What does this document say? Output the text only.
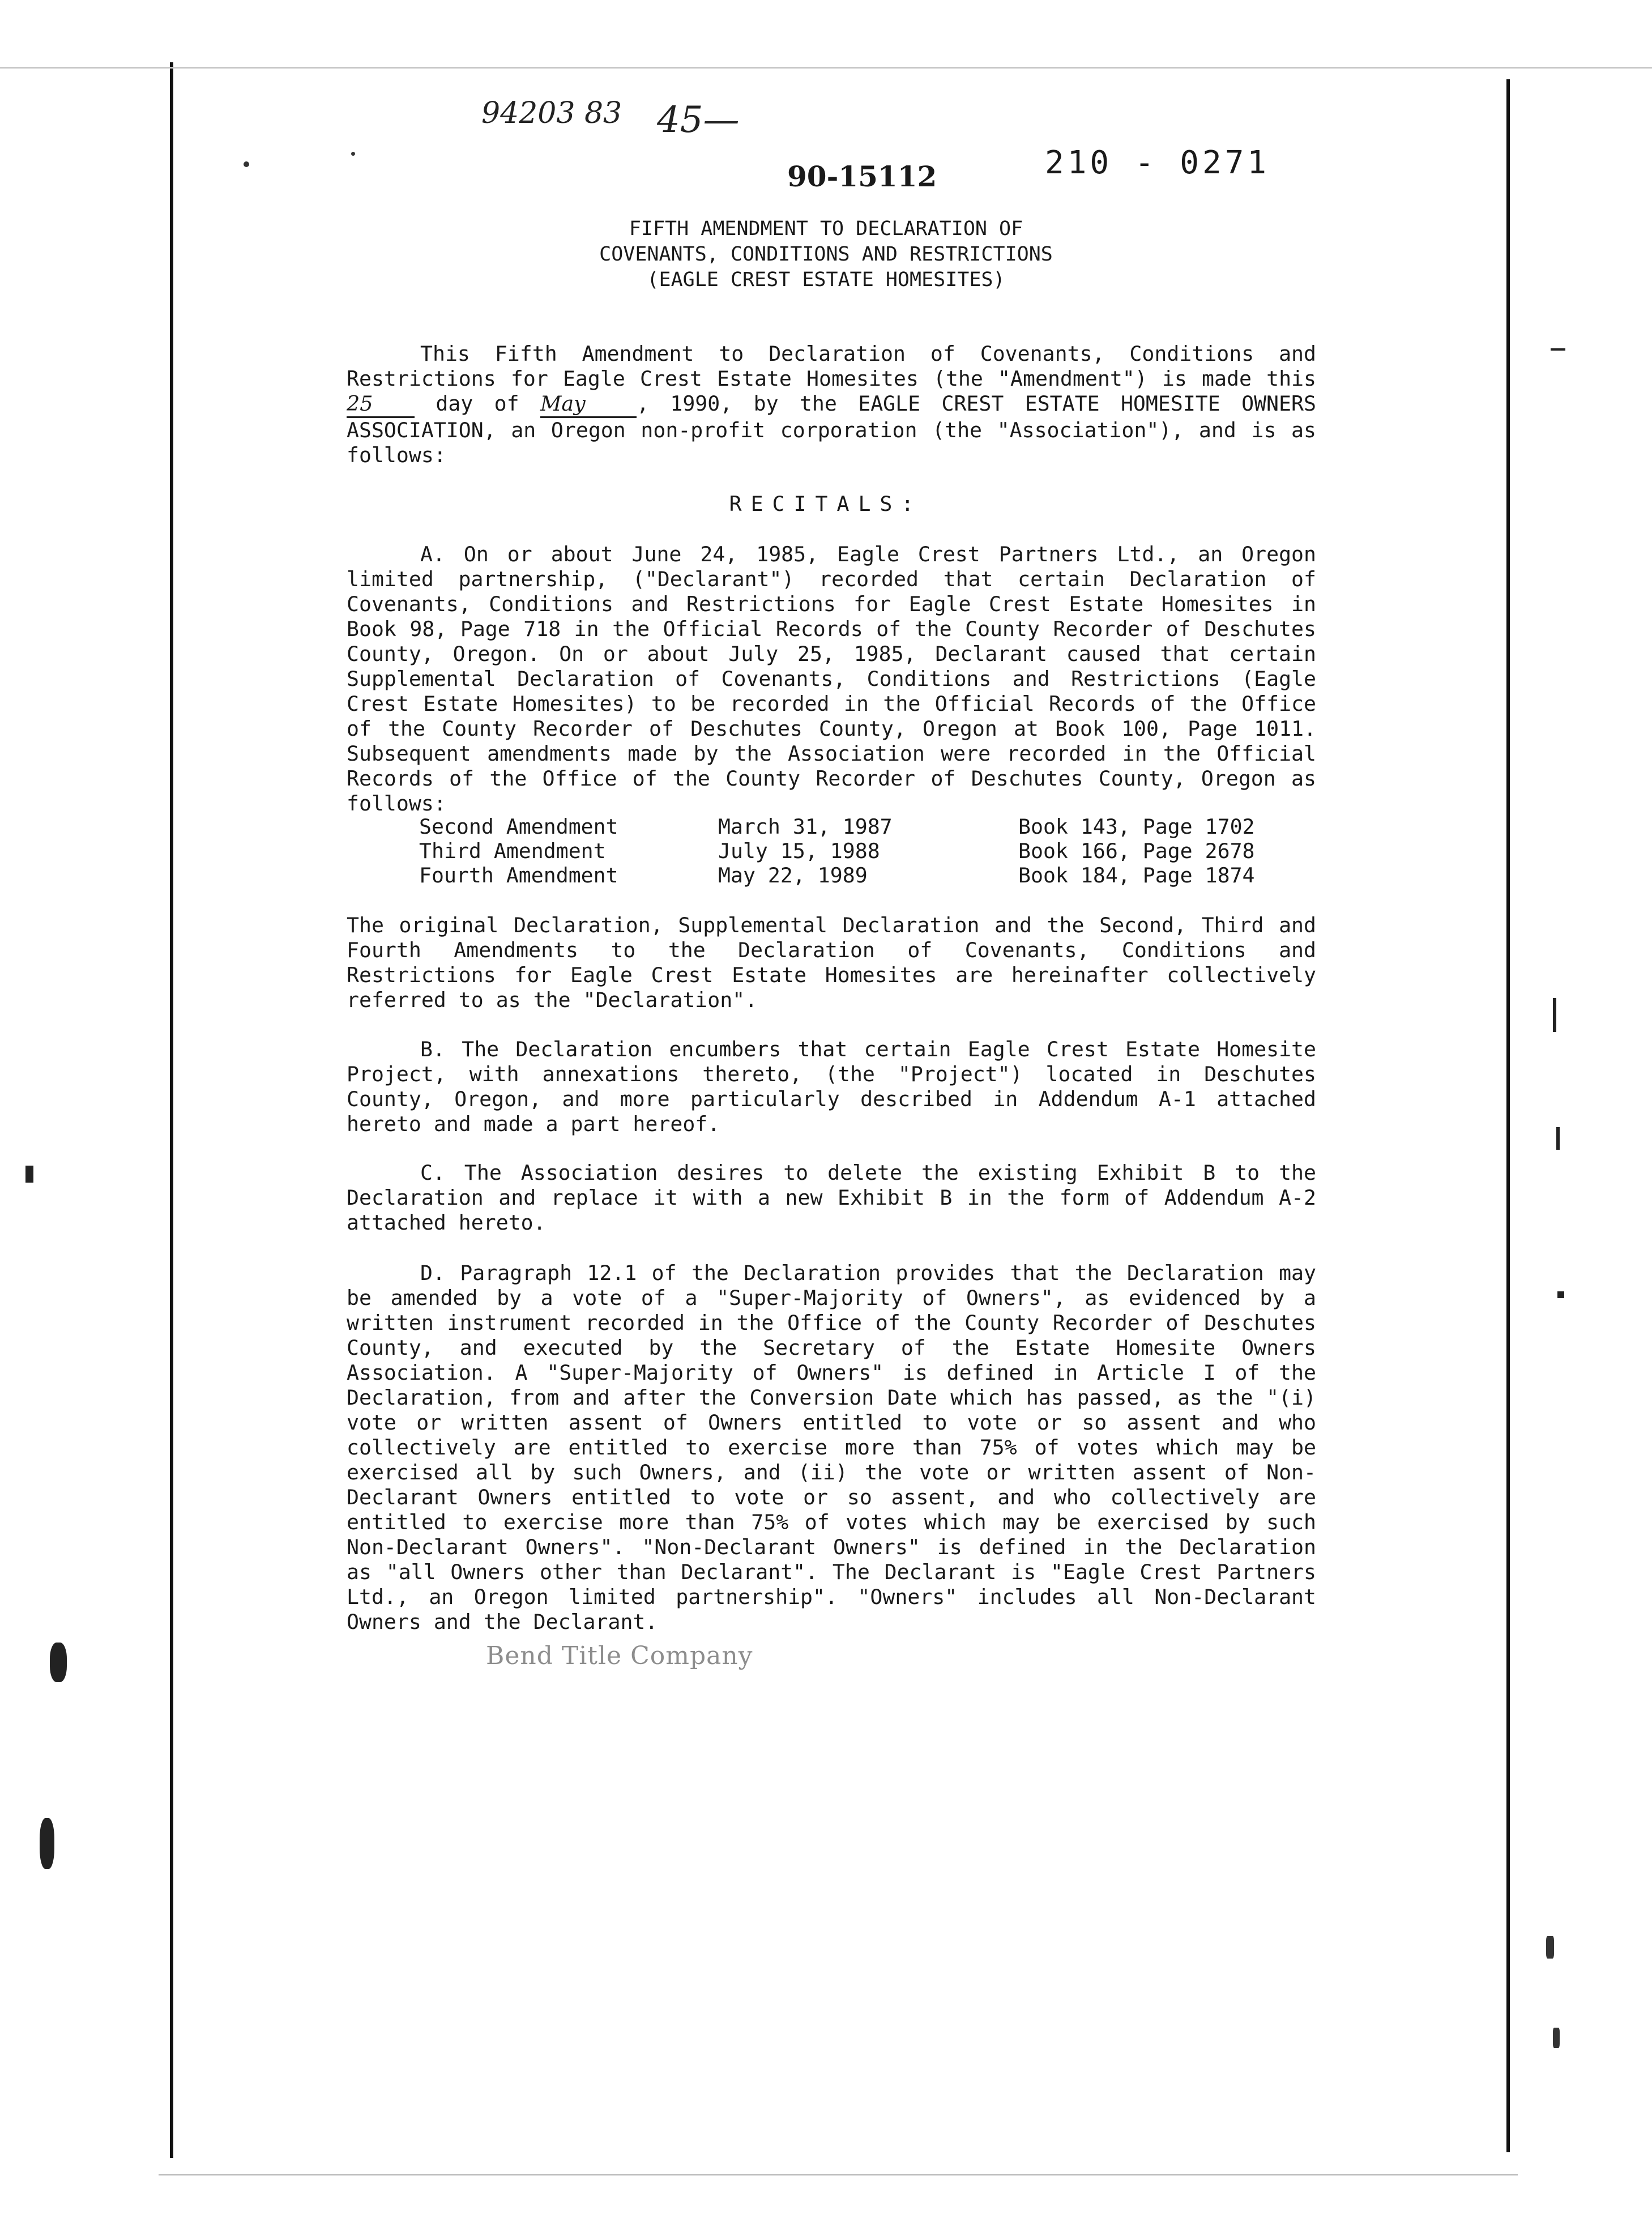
94203 83 45—
90-15112	210 - 0271
FIFTH AMENDMENT TO DECLARATION OF
COVENANTS, CONDITIONS AND RESTRICTIONS
(EAGLE CREST ESTATE HOMESITES)
This Fifth Amendment to Declaration of Covenants, Conditions and Restrictions for Eagle Crest Estate Homesites (the "Amendment") is made this 25	day of May , 1990, by the EAGLE CREST ESTATE HOMESITE OWNERS ASSOCIATION, an Oregon non-profit corporation (the "Association"), and is as follows:
RECITALS:
A. On or about June 24, 1985, Eagle Crest Partners Ltd., an Oregon limited partnership, ("Declarant") recorded that certain Declaration of Covenants, Conditions and Restrictions for Eagle Crest Estate Homesites in Book 98, Page 718 in the Official Records of the County Recorder of Deschutes County, Oregon. On or about July 25, 1985, Declarant caused that certain Supplemental Declaration of Covenants, Conditions and Restrictions (Eagle Crest Estate Homesites) to be recorded in the Official Records of the Office of the County Recorder of Deschutes County, Oregon at Book 100, Page 1011. Subsequent amendments made by the Association were recorded in the Official Records of the Office of the County Recorder of Deschutes County, Oregon as follows:
Second Amendment	March 31, 1987	Book 143, Page 1702
Third Amendment	July 15, 1988	Book 166, Page 2678
Fourth Amendment	May 22, 1989	Book 184, Page 1874
The original Declaration, Supplemental Declaration and the Second, Third and Fourth Amendments to the Declaration of Covenants, Conditions and Restrictions for Eagle Crest Estate Homesites are hereinafter collectively referred to as the "Declaration".
B. The Declaration encumbers that certain Eagle Crest Estate Homesite Project, with annexations thereto, (the "Project") located in Deschutes County, Oregon, and more particularly described in Addendum A-1 attached hereto and made a part hereof.
C. The Association desires to delete the existing Exhibit B to the Declaration and replace it with a new Exhibit B in the form of Addendum A-2 attached hereto.
D. Paragraph 12.1 of the Declaration provides that the Declaration may be amended by a vote of a "Super-Majority of Owners", as evidenced by a written instrument recorded in the Office of the County Recorder of Deschutes County, and executed by the Secretary of the Estate Homesite Owners Association. A "Super-Majority of Owners" is defined in Article I of the Declaration, from and after the Conversion Date which has passed, as the "(i) vote or written assent of Owners entitled to vote or so assent and who collectively are entitled to exercise more than 75% of votes which may be exercised all by such Owners, and (ii) the vote or written assent of Non-Declarant Owners entitled to vote or so assent, and who collectively are entitled to exercise more than 75% of votes which may be exercised by such Non-Declarant Owners". "Non-Declarant Owners" is defined in the Declaration as "all Owners other than Declarant". The Declarant is "Eagle Crest Partners Ltd., an Oregon limited partnership". "Owners" includes all Non-Declarant Owners and the Declarant.
Bend Title Company
